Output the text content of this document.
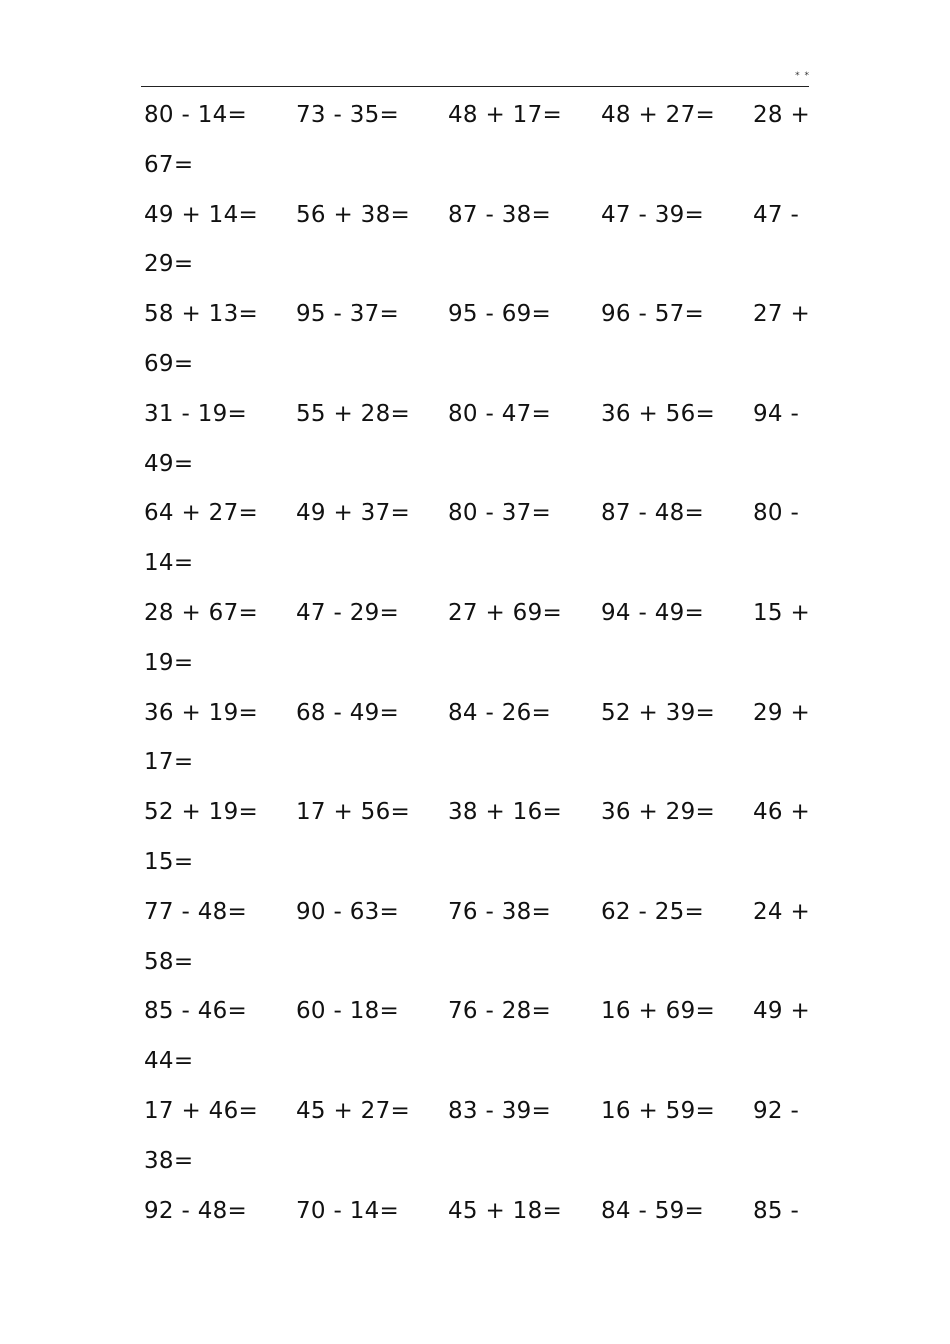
* *
80 - 14= 73 - 35= 48 + 17= 48 + 27= 28 +
67=
49 + 14= 56 + 38= 87 - 38= 47 - 39= 47 -
29=
58 + 13= 95 - 37= 95 - 69= 96 - 57= 27 +
69=
31 - 19= 55 + 28= 80 - 47= 36 + 56= 94 -
49=
64 + 27= 49 + 37= 80 - 37= 87 - 48= 80 -
14=
28 + 67= 47 - 29= 27 + 69= 94 - 49= 15 +
19=
36 + 19= 68 - 49= 84 - 26= 52 + 39= 29 +
17=
52 + 19= 17 + 56= 38 + 16= 36 + 29= 46 +
15=
77 - 48= 90 - 63= 76 - 38= 62 - 25= 24 +
58=
85 - 46= 60 - 18= 76 - 28= 16 + 69= 49 +
44=
17 + 46= 45 + 27= 83 - 39= 16 + 59= 92 -
38=
92 - 48= 70 - 14= 45 + 18= 84 - 59= 85 -
